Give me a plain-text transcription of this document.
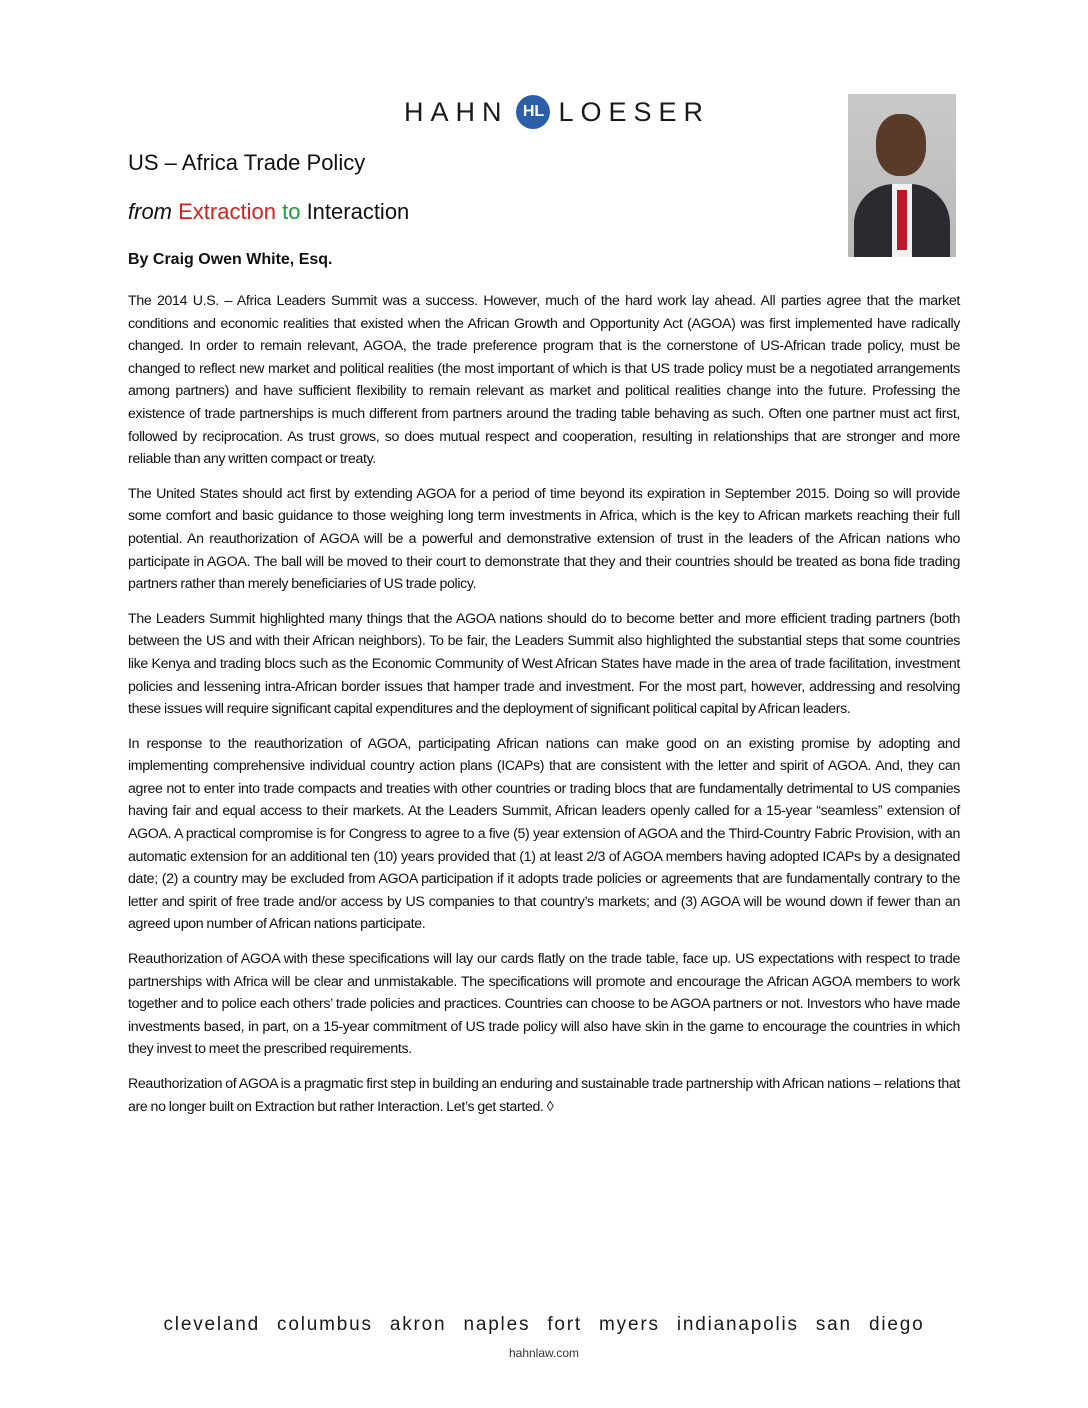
HAHN HL LOESER
US – Africa Trade Policy
from Extraction to Interaction
By Craig Owen White, Esq.

The 2014 U.S. – Africa Leaders Summit was a success. However, much of the hard work lay ahead. All parties agree that the market conditions and economic realities that existed when the African Growth and Opportunity Act (AGOA) was first implemented have radically changed. In order to remain relevant, AGOA, the trade preference program that is the cornerstone of US-African trade policy, must be changed to reflect new market and political realities (the most important of which is that US trade policy must be a negotiated arrangements among partners) and have sufficient flexibility to remain relevant as market and political realities change into the future. Professing the existence of trade partnerships is much different from partners around the trading table behaving as such. Often one partner must act first, followed by reciprocation. As trust grows, so does mutual respect and cooperation, resulting in relationships that are stronger and more reliable than any written compact or treaty.

The United States should act first by extending AGOA for a period of time beyond its expiration in September 2015. Doing so will provide some comfort and basic guidance to those weighing long term investments in Africa, which is the key to African markets reaching their full potential. An reauthorization of AGOA will be a powerful and demonstrative extension of trust in the leaders of the African nations who participate in AGOA. The ball will be moved to their court to demonstrate that they and their countries should be treated as bona fide trading partners rather than merely beneficiaries of US trade policy.

The Leaders Summit highlighted many things that the AGOA nations should do to become better and more efficient trading partners (both between the US and with their African neighbors). To be fair, the Leaders Summit also highlighted the substantial steps that some countries like Kenya and trading blocs such as the Economic Community of West African States have made in the area of trade facilitation, investment policies and lessening intra-African border issues that hamper trade and investment. For the most part, however, addressing and resolving these issues will require significant capital expenditures and the deployment of significant political capital by African leaders.

In response to the reauthorization of AGOA, participating African nations can make good on an existing promise by adopting and implementing comprehensive individual country action plans (ICAPs) that are consistent with the letter and spirit of AGOA. And, they can agree not to enter into trade compacts and treaties with other countries or trading blocs that are fundamentally detrimental to US companies having fair and equal access to their markets. At the Leaders Summit, African leaders openly called for a 15-year “seamless” extension of AGOA. A practical compromise is for Congress to agree to a five (5) year extension of AGOA and the Third-Country Fabric Provision, with an automatic extension for an additional ten (10) years provided that (1) at least 2/3 of AGOA members having adopted ICAPs by a designated date; (2) a country may be excluded from AGOA participation if it adopts trade policies or agreements that are fundamentally contrary to the letter and spirit of free trade and/or access by US companies to that country’s markets; and (3) AGOA will be wound down if fewer than an agreed upon number of African nations participate.

Reauthorization of AGOA with these specifications will lay our cards flatly on the trade table, face up. US expectations with respect to trade partnerships with Africa will be clear and unmistakable. The specifications will promote and encourage the African AGOA members to work together and to police each others’ trade policies and practices. Countries can choose to be AGOA partners or not. Investors who have made investments based, in part, on a 15-year commitment of US trade policy will also have skin in the game to encourage the countries in which they invest to meet the prescribed requirements.

Reauthorization of AGOA is a pragmatic first step in building an enduring and sustainable trade partnership with African nations – relations that are no longer built on Extraction but rather Interaction. Let’s get started. ◊

cleveland columbus akron naples fort myers indianapolis san diego
hahnlaw.com
